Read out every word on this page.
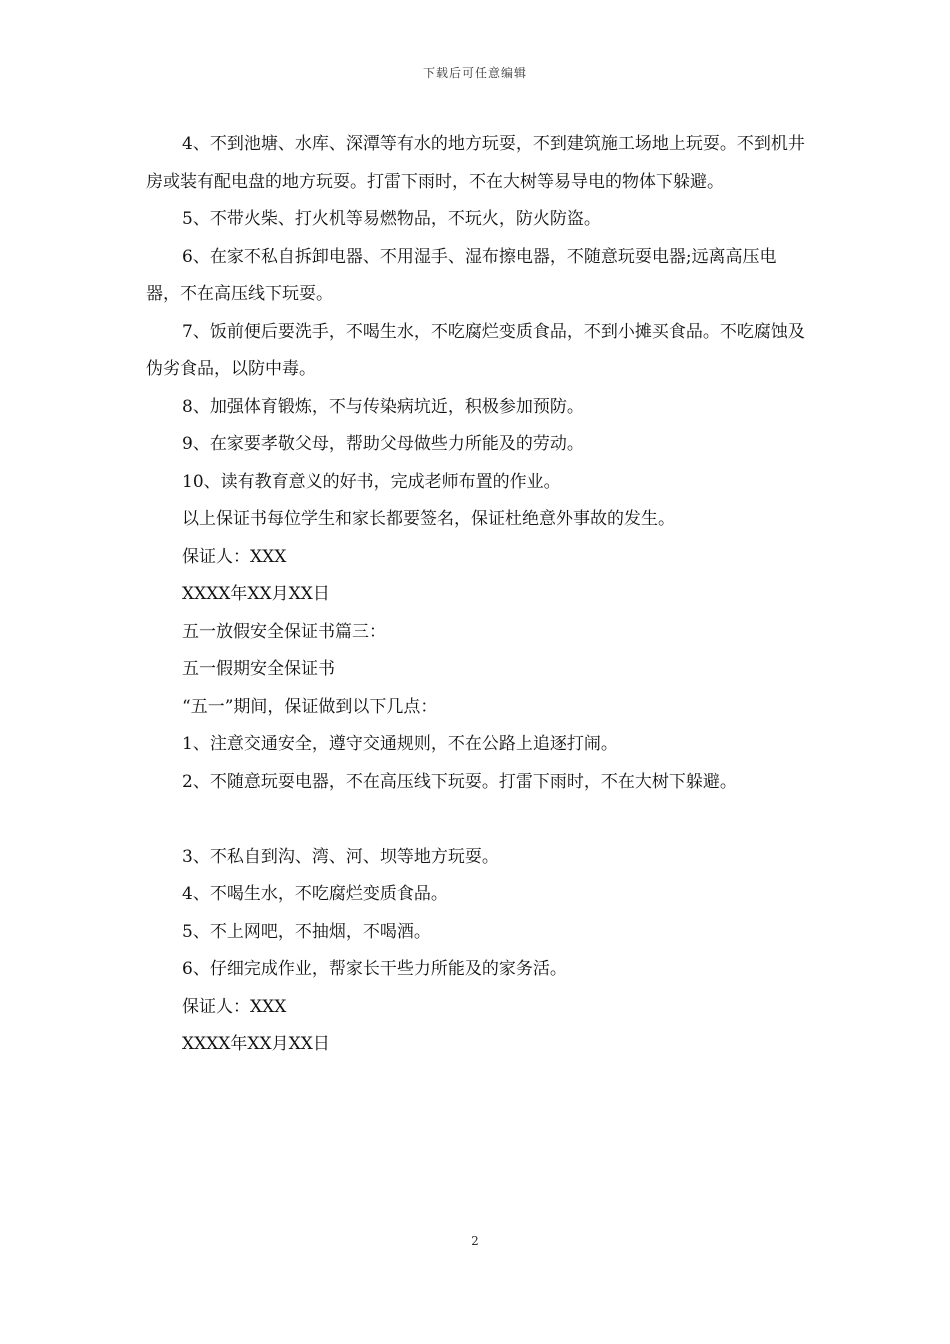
下载后可任意编辑

4、不到池塘、水库、深潭等有水的地方玩耍，不到建筑施工场地上玩耍。不到机井房或装有配电盘的地方玩耍。打雷下雨时，不在大树等易导电的物体下躲避。

5、不带火柴、打火机等易燃物品，不玩火，防火防盗。

6、在家不私自拆卸电器、不用湿手、湿布擦电器，不随意玩耍电器;远离高压电器，不在高压线下玩耍。

7、饭前便后要洗手，不喝生水，不吃腐烂变质食品，不到小摊买食品。不吃腐蚀及伪劣食品，以防中毒。

8、加强体育锻炼，不与传染病坑近，积极参加预防。

9、在家要孝敬父母，帮助父母做些力所能及的劳动。

10、读有教育意义的好书，完成老师布置的作业。

以上保证书每位学生和家长都要签名，保证杜绝意外事故的发生。

保证人：XXX

XXXX年XX月XX日

五一放假安全保证书篇三：

五一假期安全保证书

“五一”期间，保证做到以下几点：

1、注意交通安全，遵守交通规则，不在公路上追逐打闹。

2、不随意玩耍电器，不在高压线下玩耍。打雷下雨时，不在大树下躲避。

3、不私自到沟、湾、河、坝等地方玩耍。

4、不喝生水，不吃腐烂变质食品。

5、不上网吧，不抽烟，不喝酒。

6、仔细完成作业，帮家长干些力所能及的家务活。

保证人：XXX

XXXX年XX月XX日

2
